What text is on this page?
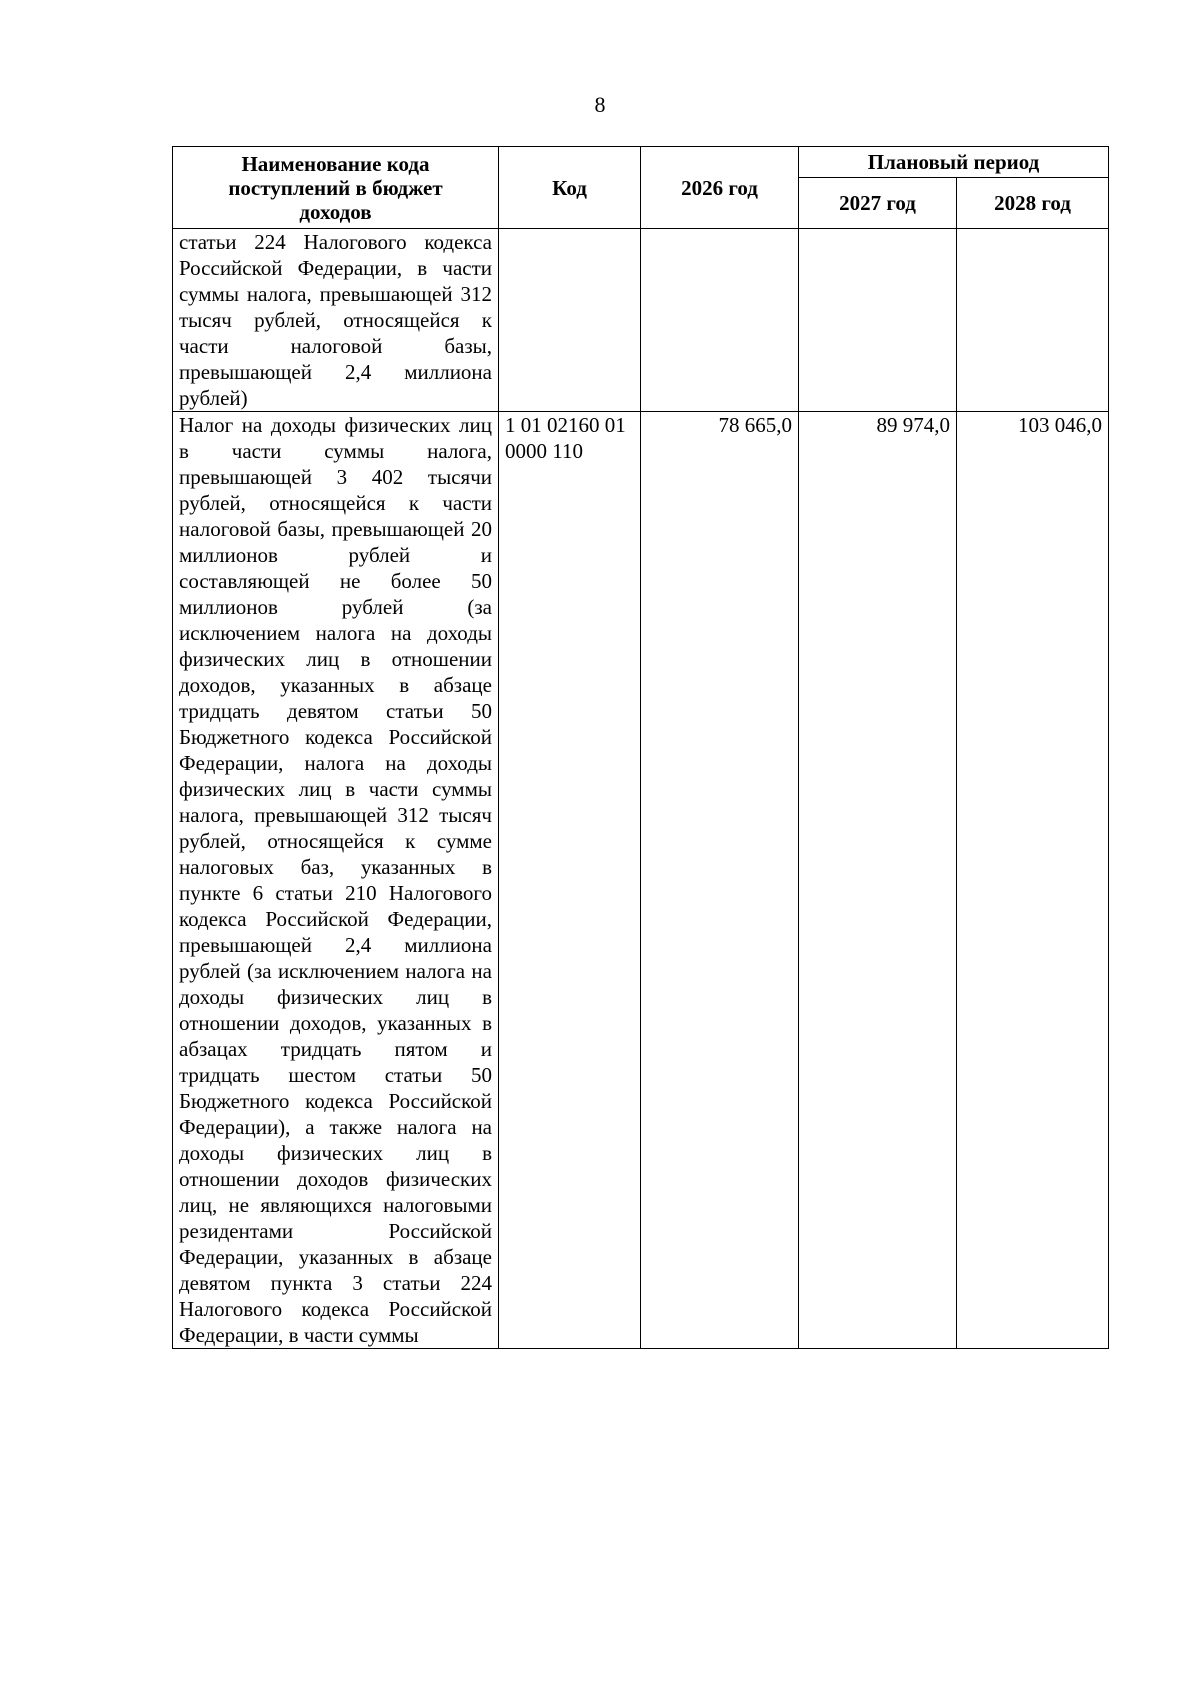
8
Наименование кода
поступлений в бюджет
доходов	Код	2026 год	Плановый период	
			2027 год	2028 год
статьи 224 Налогового кодекса Российской Федерации, в части суммы налога, превышающей 312 тысяч рублей, относящейся к части налоговой базы, превышающей 2,4 миллиона рублей)				
Налог на доходы физических лиц в части суммы налога, превышающей 3 402 тысячи рублей, относящейся к части налоговой базы, превышающей 20 миллионов рублей и составляющей не более 50 миллионов рублей (за исключением налога на доходы физических лиц в отношении доходов, указанных в абзаце тридцать девятом статьи 50 Бюджетного кодекса Российской Федерации, налога на доходы физических лиц в части суммы налога, превышающей 312 тысяч рублей, относящейся к сумме налоговых баз, указанных в пункте 6 статьи 210 Налогового кодекса Российской Федерации, превышающей 2,4 миллиона рублей (за исключением налога на доходы физических лиц в отношении доходов, указанных в абзацах тридцать пятом и тридцать шестом статьи 50 Бюджетного кодекса Российской Федерации), а также налога на доходы физических лиц в отношении доходов физических лиц, не являющихся налоговыми резидентами Российской Федерации, указанных в абзаце девятом пункта 3 статьи 224 Налогового кодекса Российской Федерации, в части суммы	1 01 02160 01 0000 110	78 665,0	89 974,0	103 046,0
